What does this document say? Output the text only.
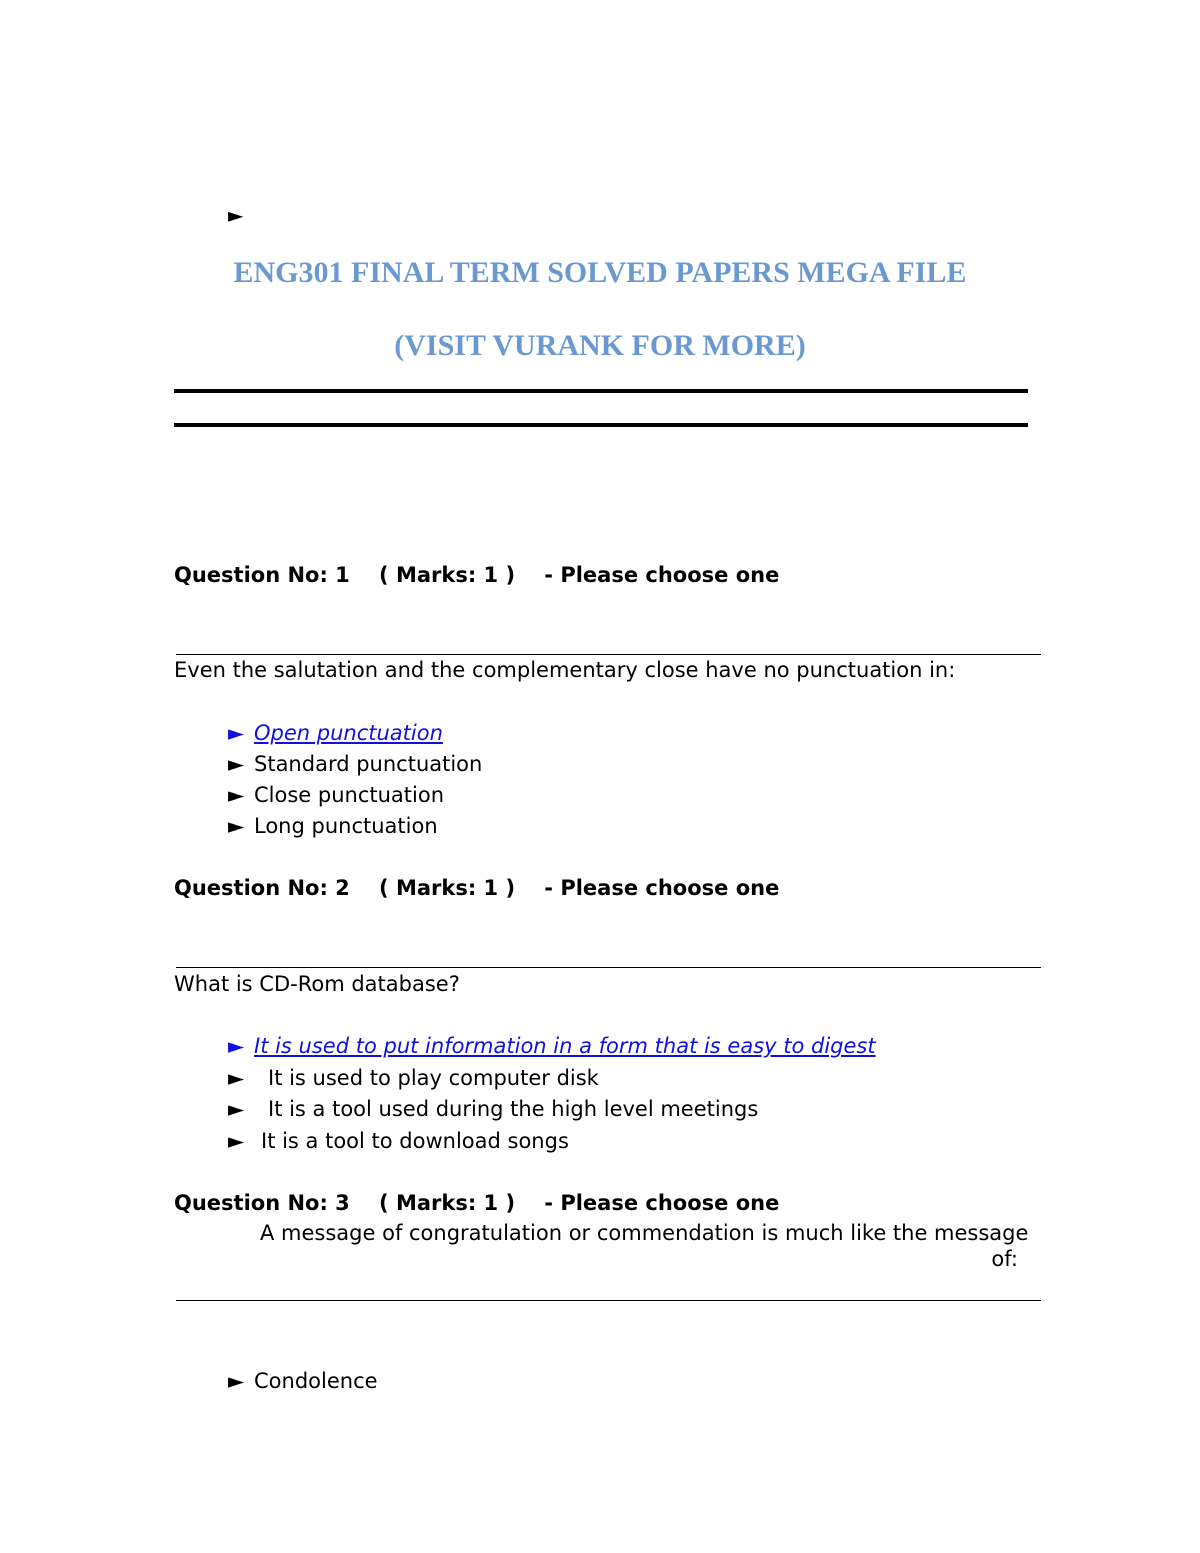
►
ENG301 FINAL TERM SOLVED PAPERS MEGA FILE
(VISIT VURANK FOR MORE)
Question No: 1    ( Marks: 1 )    - Please choose one
Even the salutation and the complementary close have no punctuation in:
► Open punctuation
► Standard punctuation
► Close punctuation
► Long punctuation
Question No: 2    ( Marks: 1 )    - Please choose one
What is CD-Rom database?
► It is used to put information in a form that is easy to digest
► It is used to play computer disk
► It is a tool used during the high level meetings
► It is a tool to download songs
Question No: 3    ( Marks: 1 )    - Please choose one
A message of congratulation or commendation is much like the message
of:
► Condolence
